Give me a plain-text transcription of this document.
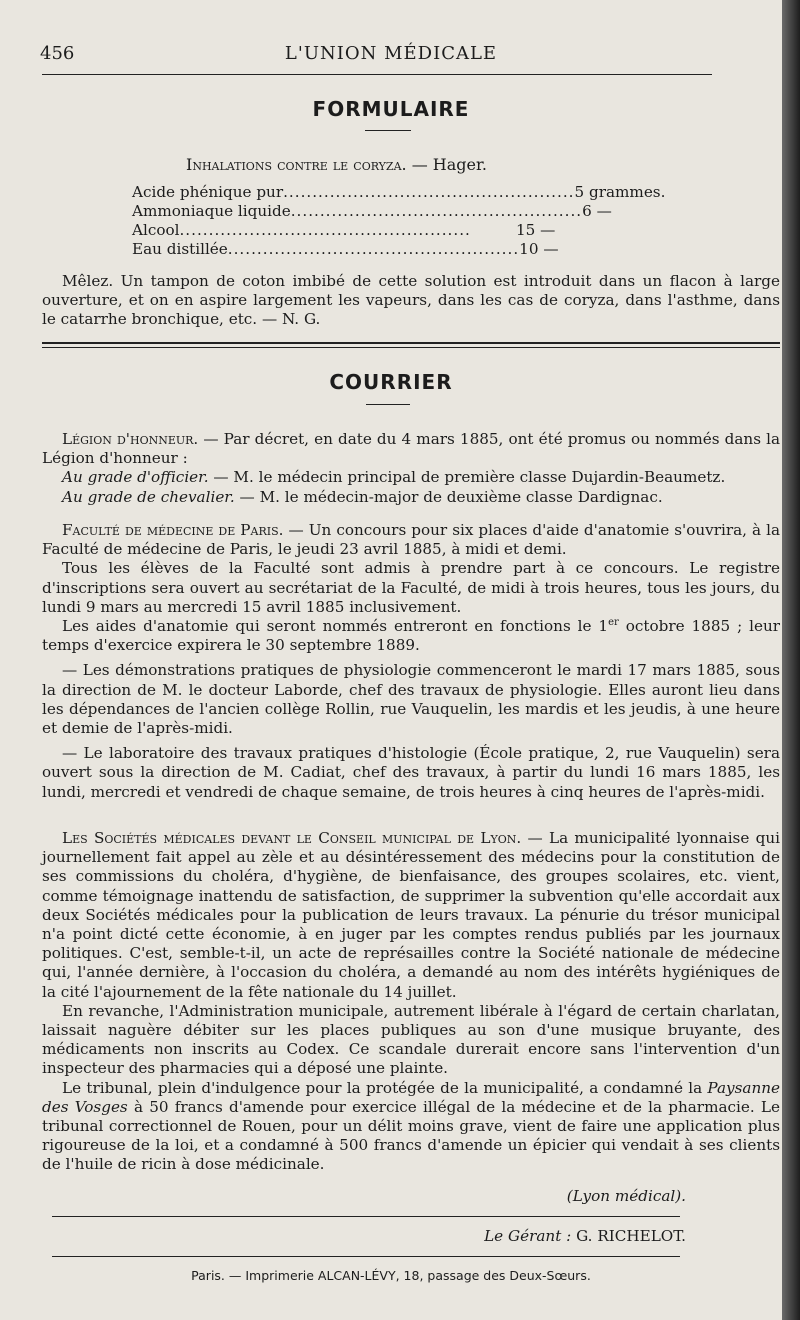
456	L'UNION MÉDICALE
FORMULAIRE
Inhalations contre le coryza. — Hager.
Acide phénique pur .................................................. 5 grammes.
Ammoniaque liquide .................................................. 6 —
Alcool ..................................................	15 —
Eau distillée .................................................. 10 —

Mêlez. Un tampon de coton imbibé de cette solution est introduit dans un flacon à large ouverture, et on en aspire largement les vapeurs, dans les cas de coryza, dans l'asthme, dans le catarrhe bronchique, etc. — N. G.

COURRIER

Légion d'honneur. — Par décret, en date du 4 mars 1885, ont été promus ou nommés dans la Légion d'honneur :

Au grade d'officier. — M. le médecin principal de première classe Dujardin-Beaumetz.

Au grade de chevalier. — M. le médecin-major de deuxième classe Dardignac.

Faculté de médecine de Paris. — Un concours pour six places d'aide d'anatomie s'ouvrira, à la Faculté de médecine de Paris, le jeudi 23 avril 1885, à midi et demi.

Tous les élèves de la Faculté sont admis à prendre part à ce concours. Le registre d'inscriptions sera ouvert au secrétariat de la Faculté, de midi à trois heures, tous les jours, du lundi 9 mars au mercredi 15 avril 1885 inclusivement.

Les aides d'anatomie qui seront nommés entreront en fonctions le 1er octobre 1885 ; leur temps d'exercice expirera le 30 septembre 1889.

— Les démonstrations pratiques de physiologie commenceront le mardi 17 mars 1885, sous la direction de M. le docteur Laborde, chef des travaux de physiologie. Elles auront lieu dans les dépendances de l'ancien collège Rollin, rue Vauquelin, les mardis et les jeudis, à une heure et demie de l'après-midi.

— Le laboratoire des travaux pratiques d'histologie (École pratique, 2, rue Vauquelin) sera ouvert sous la direction de M. Cadiat, chef des travaux, à partir du lundi 16 mars 1885, les lundi, mercredi et vendredi de chaque semaine, de trois heures à cinq heures de l'après-midi.

Les Sociétés médicales devant le Conseil municipal de Lyon. — La municipalité lyonnaise qui journellement fait appel au zèle et au désintéressement des médecins pour la constitution de ses commissions du choléra, d'hygiène, de bienfaisance, des groupes scolaires, etc. vient, comme témoignage inattendu de satisfaction, de supprimer la subvention qu'elle accordait aux deux Sociétés médicales pour la publication de leurs travaux. La pénurie du trésor municipal n'a point dicté cette économie, à en juger par les comptes rendus publiés par les journaux politiques. C'est, semble-t-il, un acte de représailles contre la Société nationale de médecine qui, l'année dernière, à l'occasion du choléra, a demandé au nom des intérêts hygiéniques de la cité l'ajournement de la fête nationale du 14 juillet.

En revanche, l'Administration municipale, autrement libérale à l'égard de certain charlatan, laissait naguère débiter sur les places publiques au son d'une musique bruyante, des médicaments non inscrits au Codex. Ce scandale durerait encore sans l'intervention d'un inspecteur des pharmacies qui a déposé une plainte.

Le tribunal, plein d'indulgence pour la protégée de la municipalité, a condamné la Paysanne des Vosges à 50 francs d'amende pour exercice illégal de la médecine et de la pharmacie. Le tribunal correctionnel de Rouen, pour un délit moins grave, vient de faire une application plus rigoureuse de la loi, et a condamné à 500 francs d'amende un épicier qui vendait à ses clients de l'huile de ricin à dose médicinale.

(Lyon médical).
Le Gérant : G. RICHELOT.
Paris. — Imprimerie ALCAN-LÉVY, 18, passage des Deux-Sœurs.
